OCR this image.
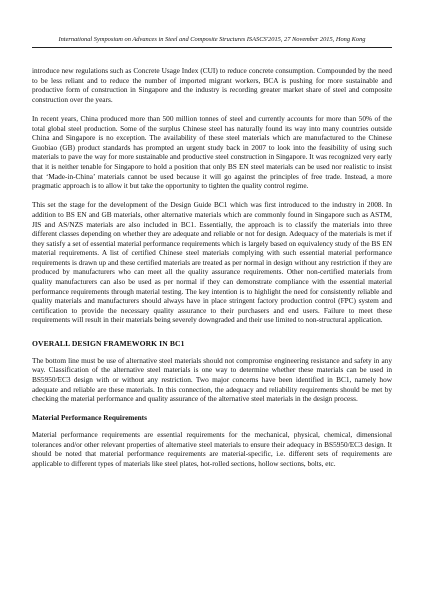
International Symposium on Advances in Steel and Composite Structures ISASCS'2015, 27 November 2015, Hong Kong

introduce new regulations such as Concrete Usage Index (CUI) to reduce concrete consumption. Compounded by the need to be less reliant and to reduce the number of imported migrant workers, BCA is pushing for more sustainable and productive form of construction in Singapore and the industry is recording greater market share of steel and composite construction over the years.

In recent years, China produced more than 500 million tonnes of steel and currently accounts for more than 50% of the total global steel production. Some of the surplus Chinese steel has naturally found its way into many countries outside China and Singapore is no exception. The availability of these steel materials which are manufactured to the Chinese Guobiao (GB) product standards has prompted an urgent study back in 2007 to look into the feasibility of using such materials to pave the way for more sustainable and productive steel construction in Singapore. It was recognized very early that it is neither tenable for Singapore to hold a position that only BS EN steel materials can be used nor realistic to insist that ‘Made-in-China’ materials cannot be used because it will go against the principles of free trade. Instead, a more pragmatic approach is to allow it but take the opportunity to tighten the quality control regime.

This set the stage for the development of the Design Guide BC1 which was first introduced to the industry in 2008. In addition to BS EN and GB materials, other alternative materials which are commonly found in Singapore such as ASTM, JIS and AS/NZS materials are also included in BC1. Essentially, the approach is to classify the materials into three different classes depending on whether they are adequate and reliable or not for design. Adequacy of the materials is met if they satisfy a set of essential material performance requirements which is largely based on equivalency study of the BS EN material requirements. A list of certified Chinese steel materials complying with such essential material performance requirements is drawn up and these certified materials are treated as per normal in design without any restriction if they are produced by manufacturers who can meet all the quality assurance requirements. Other non-certified materials from quality manufacturers can also be used as per normal if they can demonstrate compliance with the essential material performance requirements through material testing. The key intention is to highlight the need for consistently reliable and quality materials and manufacturers should always have in place stringent factory production control (FPC) system and certification to provide the necessary quality assurance to their purchasers and end users. Failure to meet these requirements will result in their materials being severely downgraded and their use limited to non-structural application.

OVERALL DESIGN FRAMEWORK IN BC1

The bottom line must be use of alternative steel materials should not compromise engineering resistance and safety in any way. Classification of the alternative steel materials is one way to determine whether these materials can be used in BS5950/EC3 design with or without any restriction. Two major concerns have been identified in BC1, namely how adequate and reliable are these materials. In this connection, the adequacy and reliability requirements should be met by checking the material performance and quality assurance of the alternative steel materials in the design process.

Material Performance Requirements

Material performance requirements are essential requirements for the mechanical, physical, chemical, dimensional tolerances and/or other relevant properties of alternative steel materials to ensure their adequacy in BS5950/EC3 design. It should be noted that material performance requirements are material-specific, i.e. different sets of requirements are applicable to different types of materials like steel plates, hot-rolled sections, hollow sections, bolts, etc.
